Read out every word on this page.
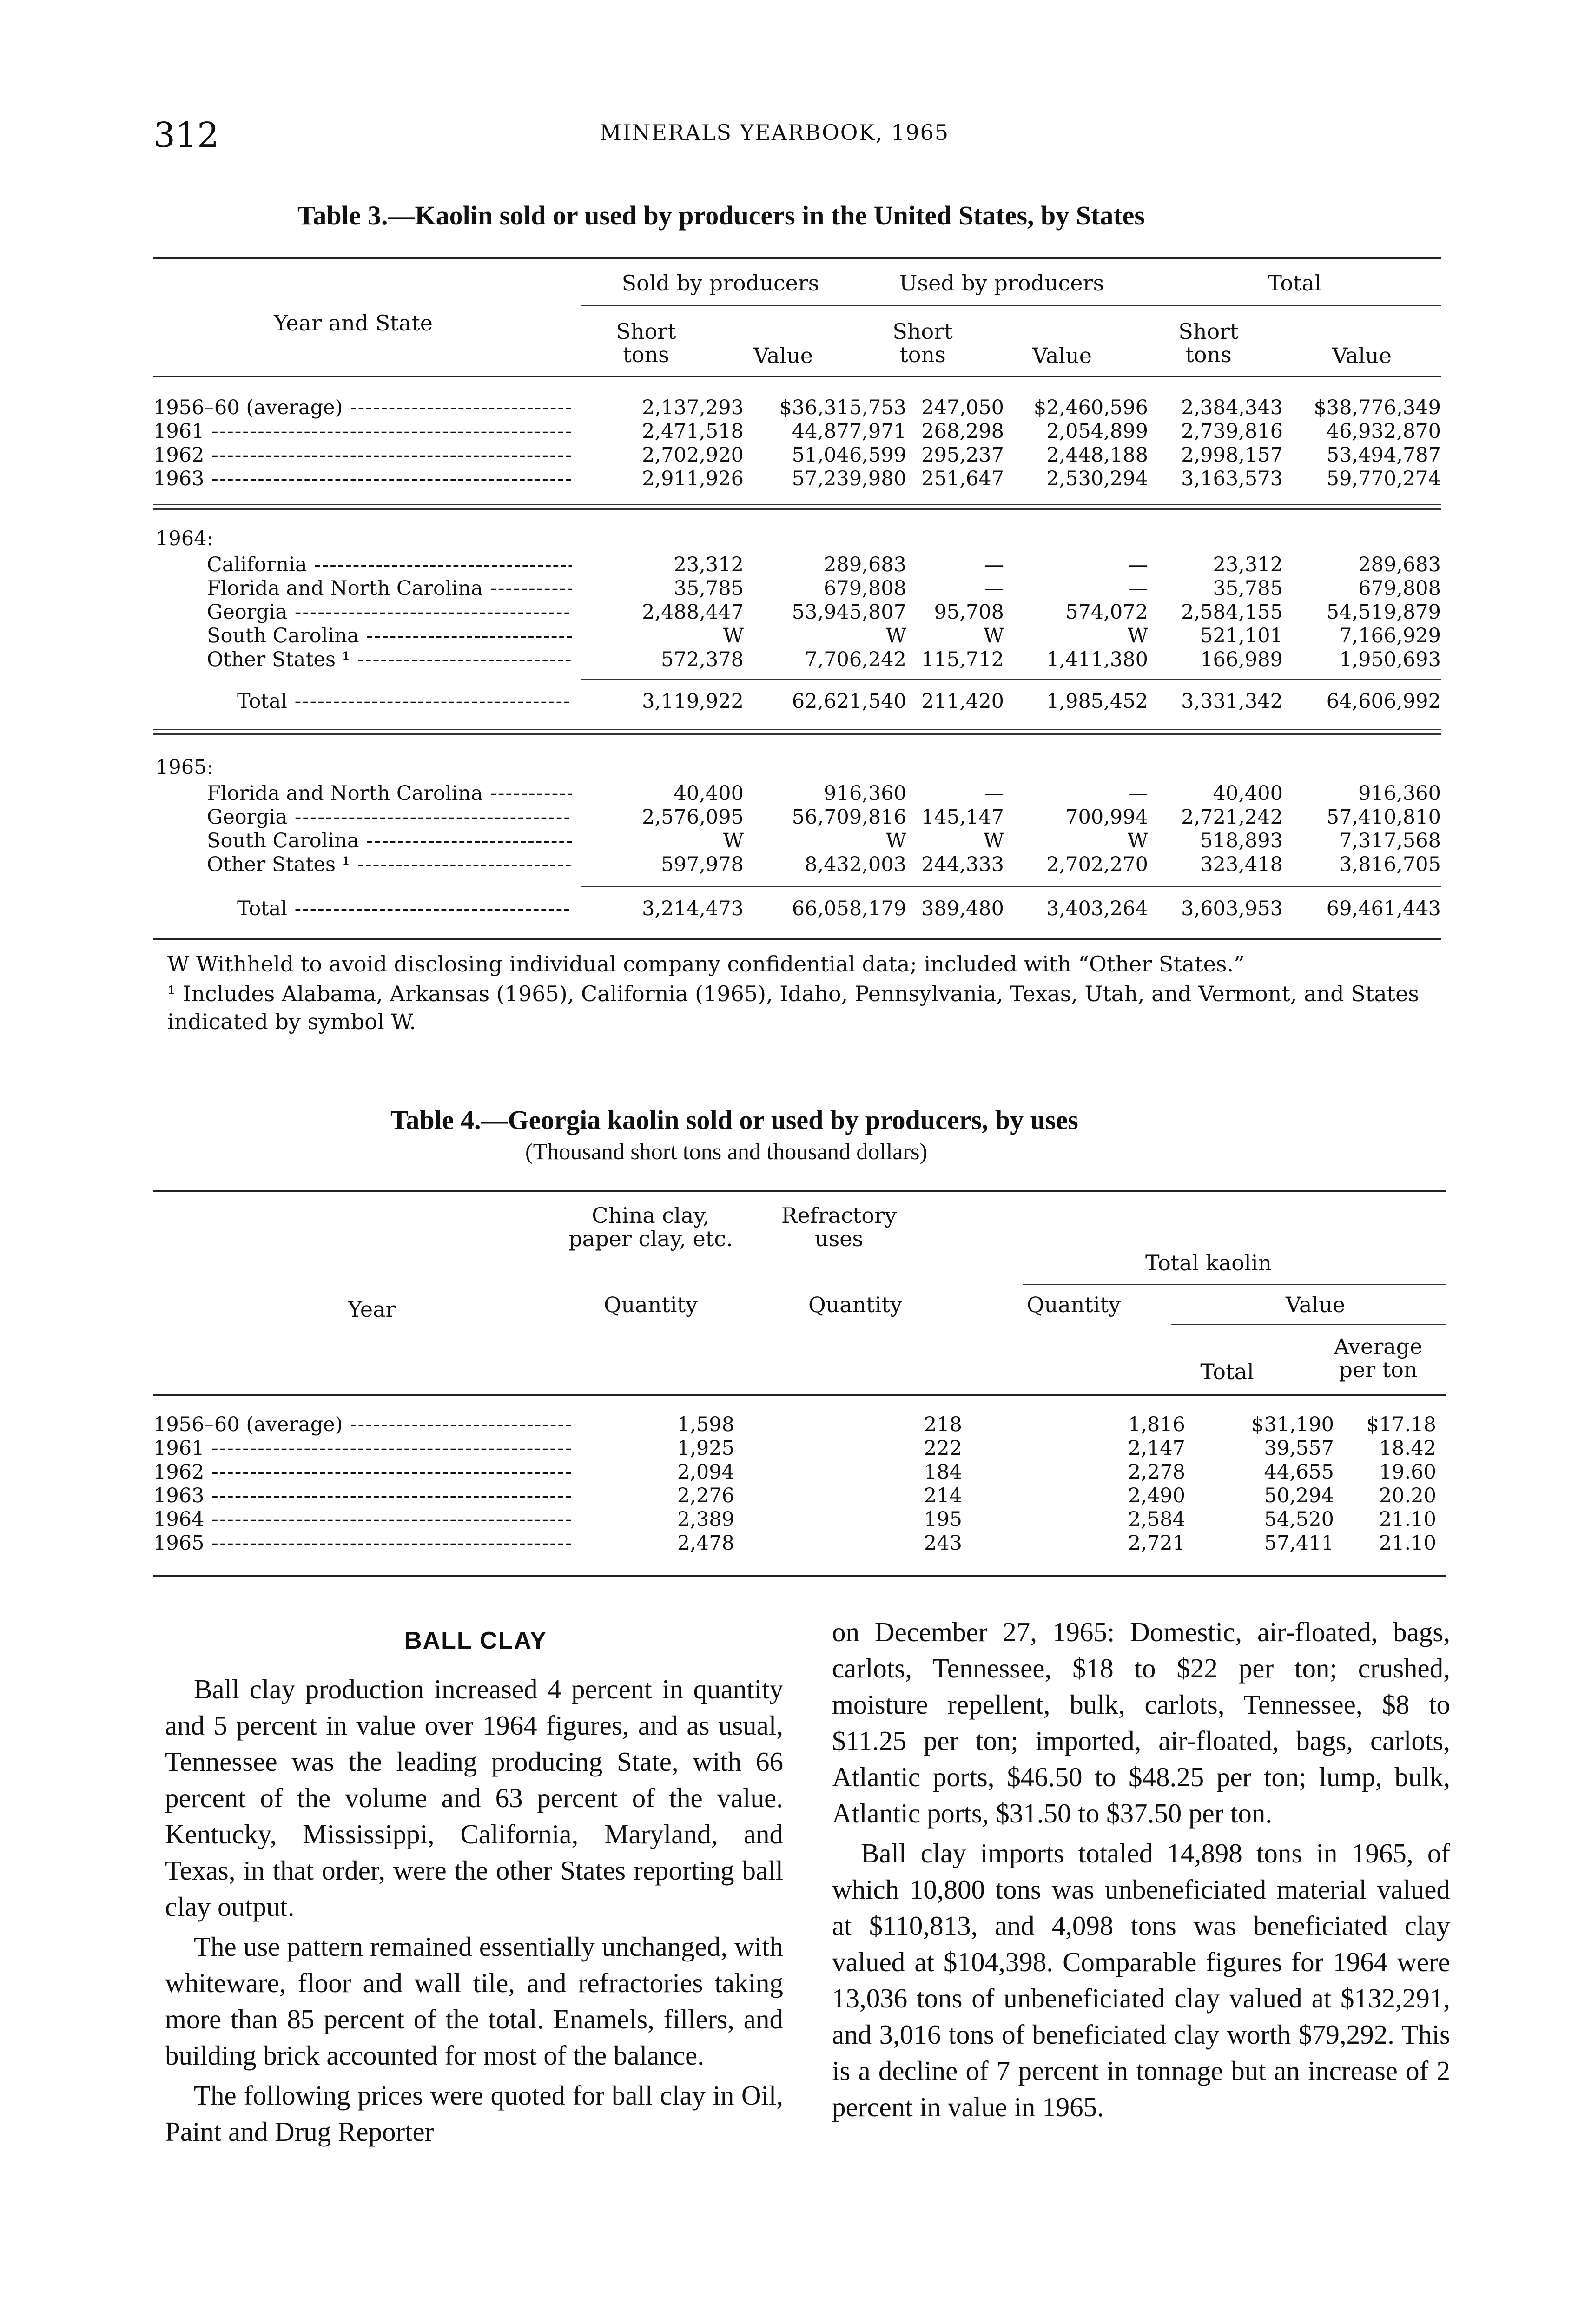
312	MINERALS YEARBOOK, 1965
Table 3.—Kaolin sold or used by producers in the United States, by States
Sold by producers	Used by producers	Total
Year and State	Short tons	Value
Short tons	Value
Short tons	Value
1956–60 (average) -----	2,137,293	$36,315,753	247,050	$2,460,596	2,384,343	$38,776,349
1961 -----	2,471,518	44,877,971	268,298	2,054,899	2,739,816	46,932,870
1962 -----	2,702,920	51,046,599	295,237	2,448,188	2,998,157	53,494,787
1963 -----	2,911,926	57,239,980	251,647	2,530,294	3,163,573	59,770,274
1964:
California -----	23,312	289,683	—	—	23,312	289,683
Florida and North Carolina -----	35,785	679,808	—	—	35,785	679,808
Georgia -----	2,488,447	53,945,807	95,708	574,072	2,584,155	54,519,879
South Carolina -----	W	W	W	W	521,101	7,166,929
Other States ¹ -----	572,378	7,706,242	115,712	1,411,380	166,989	1,950,693
Total -----	3,119,922	62,621,540	211,420	1,985,452	3,331,342	64,606,992
1965:
Florida and North Carolina -----	40,400	916,360	—	—	40,400	916,360
Georgia -----	2,576,095	56,709,816	145,147	700,994	2,721,242	57,410,810
South Carolina -----	W	W	W	W	518,893	7,317,568
Other States ¹ -----	597,978	8,432,003	244,333	2,702,270	323,418	3,816,705
Total -----	3,214,473	66,058,179	389,480	3,403,264	3,603,953	69,461,443
W Withheld to avoid disclosing individual company confidential data; included with “Other States.”
¹ Includes Alabama, Arkansas (1965), California (1965), Idaho, Pennsylvania, Texas, Utah, and Vermont, and States indicated by symbol W.
Table 4.—Georgia kaolin sold or used by producers, by uses
(Thousand short tons and thousand dollars)
China clay, paper clay, etc.
Refractory uses
Total kaolin
Year	Quantity	Quantity	Quantity	Value
Total
Average per ton
1956–60 (average) -----	1,598	218	1,816	$31,190	$17.18
1961 -----	1,925	222	2,147	39,557	18.42
1962 -----	2,094	184	2,278	44,655	19.60
1963 -----	2,276	214	2,490	50,294	20.20
1964 -----	2,389	195	2,584	54,520	21.10
1965 -----	2,478	243	2,721	57,411	21.10
BALL CLAY

Ball clay production increased 4 percent in quantity and 5 percent in value over 1964 figures, and as usual, Tennessee was the leading producing State, with 66 percent of the volume and 63 percent of the value. Kentucky, Mississippi, California, Maryland, and Texas, in that order, were the other States reporting ball clay output.

The use pattern remained essentially unchanged, with whiteware, floor and wall tile, and refractories taking more than 85 percent of the total. Enamels, fillers, and building brick accounted for most of the balance.

The following prices were quoted for ball clay in Oil, Paint and Drug Reporter

on December 27, 1965: Domestic, air-floated, bags, carlots, Tennessee, $18 to $22 per ton; crushed, moisture repellent, bulk, carlots, Tennessee, $8 to $11.25 per ton; imported, air-floated, bags, carlots, Atlantic ports, $46.50 to $48.25 per ton; lump, bulk, Atlantic ports, $31.50 to $37.50 per ton.

Ball clay imports totaled 14,898 tons in 1965, of which 10,800 tons was unbeneficiated material valued at $110,813, and 4,098 tons was beneficiated clay valued at $104,398. Comparable figures for 1964 were 13,036 tons of unbeneficiated clay valued at $132,291, and 3,016 tons of beneficiated clay worth $79,292. This is a decline of 7 percent in tonnage but an increase of 2 percent in value in 1965.
